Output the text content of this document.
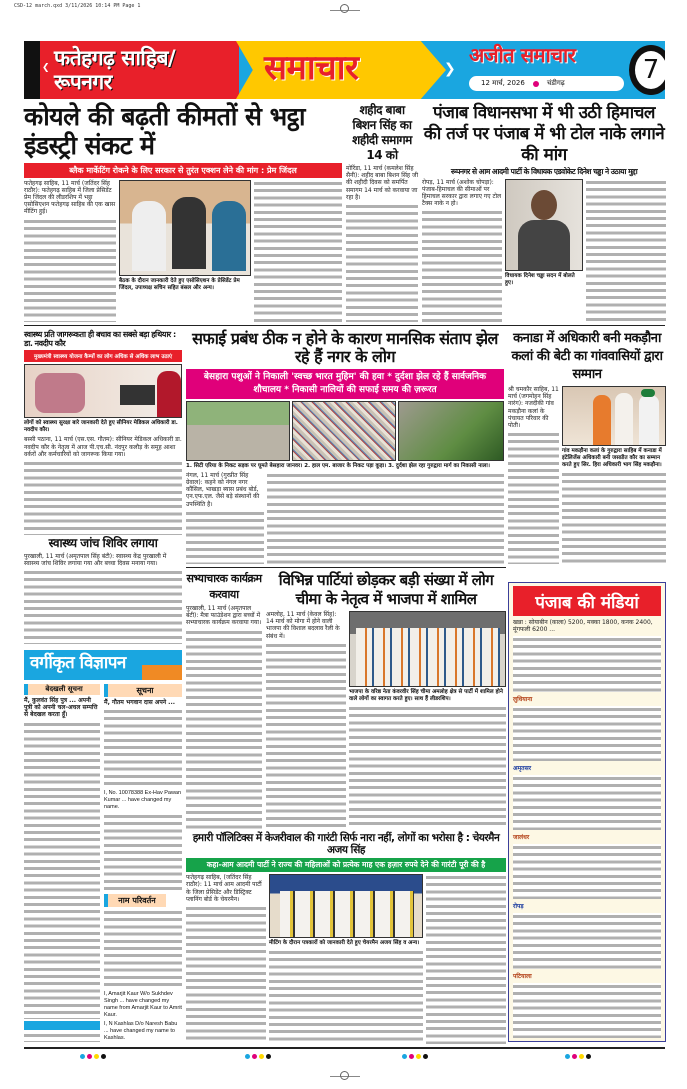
CSD-12 march.qxd 3/11/2026 10:14 PM Page 1
❮ फतेहगढ़ साहिब/रूपनगर	समाचार	❯
अजीत समाचार
12 मार्च, 2026	चंडीगढ़	7
कोयले की बढ़ती कीमतों से भट्ठा इंडस्ट्री संकट में
ब्लैक मार्केटिंग रोकने के लिए सरकार से तुरंत एक्शन लेने की मांग : प्रेम जिंदल
फतेहगढ़ साहिब, 11 मार्च (जतिंदर सिंह राठौर): फतेहगढ़ साहिब में जिला प्रेसिडेंट प्रेम जिंदल की लीडरशिप में भट्ठा एसोसिएशन फतेहगढ़ साहिब की एक खास मीटिंग हुई।
बैठक के दौरान जानकारी देते हुए एसोसिएशन के प्रेसिडेंट प्रेम जिंदल, उपाध्यक्ष सचिन सहित बंसल और अन्य।
शहीद बाबा बिशन सिंह का शहीदी समागम 14 को
मोरिंडा, 11 मार्च (कमलेश सिंह सैनी): शहीद बाबा बिशन सिंह जी की शहीदी दिवस को समर्पित समागम 14 मार्च को करवाया जा रहा है।
पंजाब विधानसभा में भी उठी हिमाचल की तर्ज पर पंजाब में भी टोल नाके लगाने की मांग
रूपनगर से आम आदमी पार्टी के विधायक एडवोकेट दिनेश चड्ढा ने उठाया मुद्दा
रोपड़, 11 मार्च (अशोक चोपड़ा): पंजाब-हिमाचल की सीमाओं पर हिमाचल सरकार द्वारा लगाए गए टोल टैक्स नाके न हो।
विधायक दिनेश चड्ढा सदन में बोलते हुए।
स्वास्थ्य प्रति जागरूकता ही बचाव का सबसे बड़ा हथियार : डा. नवदीप कौर
मुख्यमंत्री स्वास्थ्य योजना कैम्पों का लोग अधिक से अधिक लाभ उठाएं
लोगों को स्वास्थ्य सुरक्षा बारे जानकारी देते हुए सीनियर मेडिकल अधिकारी डा. नवदीप कौर।
बस्सी पठाना, 11 मार्च (एस.एस. गौतम): सीनियर मेडिकल अधिकारी डा. नवदीप कौर के नेतृत्व में आज पी.एच.सी. नंदपुर कलौड़ के समूह आशा वर्करों और कर्मचारियों को जागरूक किया गया।
स्वास्थ्य जांच शिविर लगाया
पुरखाली, 11 मार्च (अमृतपाल सिंह बंटी): स्वास्थ्य केंद्र पुरखाली में स्वास्थ्य जांच शिविर लगाया गया और बच्चा दिवस मनाया गया।
सफाई प्रबंध ठीक न होने के कारण मानसिक संताप झेल रहे हैं नगर के लोग
बेसहारा पशुओं ने निकाली 'स्वच्छ भारत मुहिम' की हवा * दुर्दशा झेल रहे हैं सार्वजनिक शौचालय * निकासी नालियों की सफाई समय की ज़रूरत
1. सिटी एरिया के निकट सड़क पर घूमते बेसहारा जानवर। 2. हाल एम. बाजार के निकट पड़ा कूड़ा। 3. दुर्दशा झेल रहा गुरुद्वारा मार्ग का निकासी नाला।
नंगल, 11 मार्च (गुरप्रीत सिंह ग्रेवाल): कहने को नंगल नगर कौंसिल, भाखड़ा ब्यास प्रबंध बोर्ड, एन.एफ.एल. जैसे बड़े संस्थानों की उपस्थिति है।
कनाडा में अधिकारी बनी मकड़ौना कलां की बेटी का गांववासियों द्वारा सम्मान
श्री चमकौर साहिब, 11 मार्च (जगमोहन सिंह नारंग): नजदीकी गांव मकड़ौना कलां के पंचायत परिवार की पोती।
गांव मकड़ौना कलां के गुरुद्वारा साहिब में कनाडा में इंटेलिजेंस अधिकारी बनी जसप्रीत कौर का सम्मान करते हुए सिर. हिरा अधिकारी भाग सिंह मकड़ौना।
सभ्याचारक कार्यक्रम करवाया
पुरखाली, 11 मार्च (अमृतपाल बंटी): मैत्रा फाउंडेशन द्वारा बच्चों में सभ्याचारक कार्यक्रम करवाया गया।
विभिन्न पार्टियां छोड़कर बड़ी संख्या में लोग चीमा के नेतृत्व में भाजपा में शामिल
अमलोह, 11 मार्च (केवल सिंह): 14 मार्च को मोगा में होने वाली भाजपा की विशाल बदलाव रैली के संबंध में।
भाजपा के वरिष्ठ नेता कंवरवीर सिंह चीमा अमलोह क्षेत्र से पार्टी में शामिल होने वाले लोगों का स्वागत करते हुए। साथ हैं लीडरशिप।
वर्गीकृत विज्ञापन
बेदखली सूचना
मैं, कुलवंत सिंह पुत्र ... अपनी पुत्री को अपनी चल-अचल सम्पत्ति से बेदखल करता हूँ।
सूचना
मैं, गौतम भगवान दास अपने ...
I, No. 10078388 Ex-Hav Pawan Kumar ... have changed my name.
नाम परिवर्तन
I, Amarjit Kaur W/o Sukhdev Singh ... have changed my name from Amarjit Kaur to Amrit Kaur.
I, N Kashlas D/o Naresh Babu ... have changed my name to Kashlas.
पंजाब की मंडियां
खन्ना : सोयाबीन (काला) 5200, मक्का 1800, कनक 2400, मूंगफली 6200 ...
लुधियाना
अमृतसर
जालंधर
रोपड़
पटियाला
हमारी पॉलिटिक्स में केजरीवाल की गारंटी सिर्फ नारा नहीं, लोगों का भरोसा है : चेयरमैन अजय सिंह
कहा-आम आदमी पार्टी ने राज्य की महिलाओं को प्रत्येक माह एक हज़ार रुपये देने की गारंटी पूरी की है
फतेहगढ़ साहिब, (जतिंदर सिंह राठौर): 11 मार्च आम आदमी पार्टी के जिला प्रेसिडेंट और डिस्ट्रिक्ट प्लानिंग बोर्ड के चेयरमैन।
मीटिंग के दौरान पत्रकारों को जानकारी देते हुए चेयरमैन अजय सिंह व अन्य।
